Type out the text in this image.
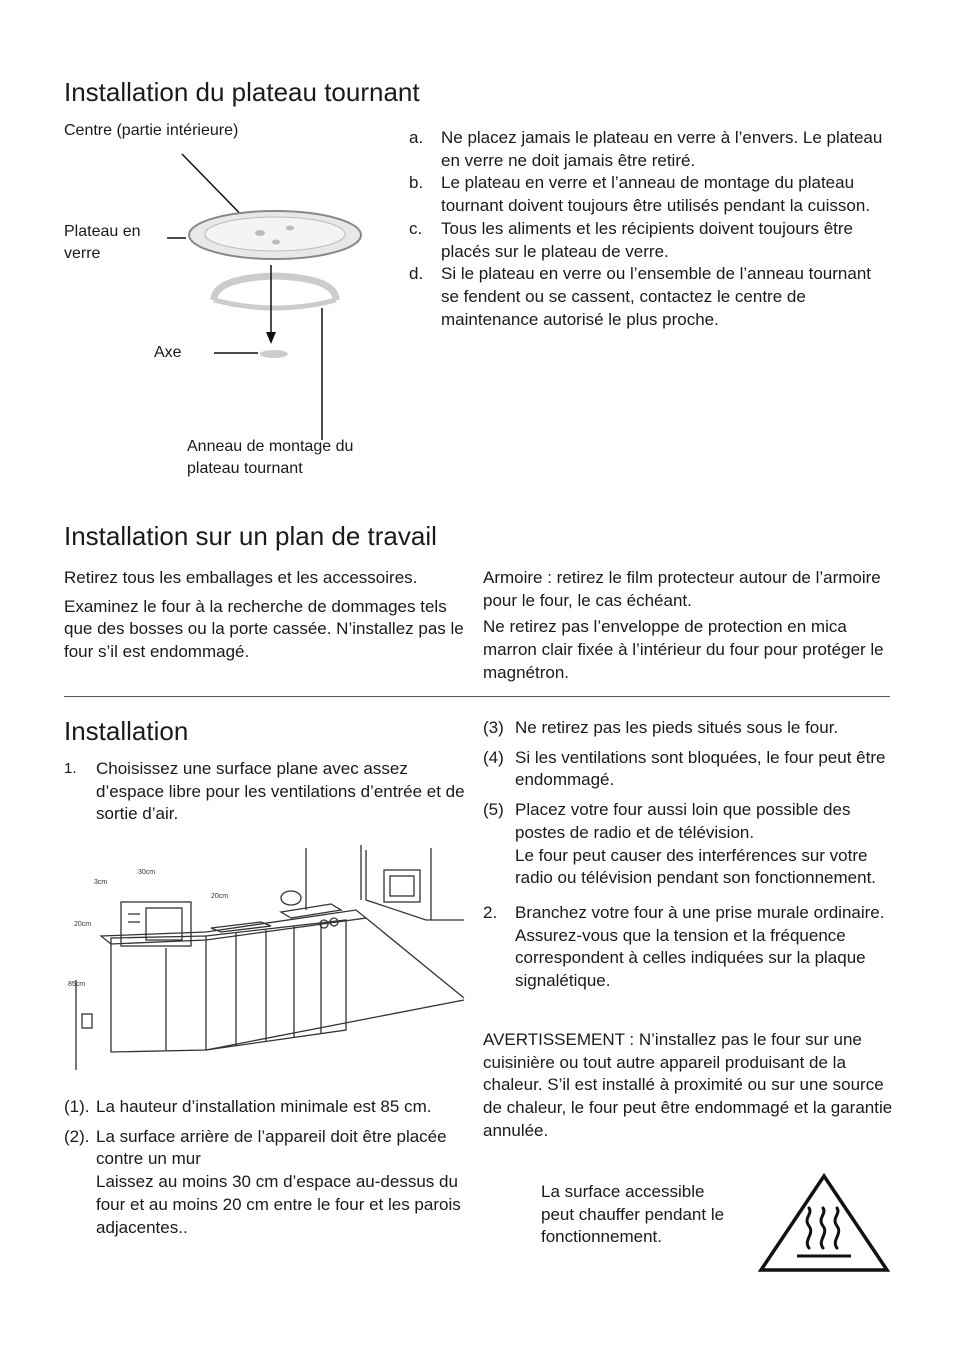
Installation du plateau tournant
Centre (partie intérieure)
Plateau en
verre
Axe
Anneau de montage du
plateau tournant
a. Ne placez jamais le plateau en verre à l’envers. Le plateau en verre ne doit jamais être retiré.
b. Le plateau en verre et l’anneau de montage du plateau tournant doivent toujours être utilisés pendant la cuisson.
c. Tous les aliments et les récipients doivent toujours être placés sur le plateau de verre.
d. Si le plateau en verre ou l’ensemble de l’anneau tournant se fendent ou se cassent, contactez le centre de maintenance autorisé le plus proche.
Installation sur un plan de travail

Retirez tous les emballages et les accessoires.

Examinez le four à la recherche de dommages tels que des bosses ou la porte cassée. N’installez pas le four s’il est endommagé.

Armoire : retirez le film protecteur autour de l’armoire pour le four, le cas échéant.

Ne retirez pas l’enveloppe de protection en mica marron clair fixée à l’intérieur du four pour protéger le magnétron.

Installation
1. Choisissez une surface plane avec assez d’espace libre pour les ventilations d’entrée et de sortie d’air.
3cm
30cm
20cm
20cm
85cm
(1). La hauteur d’installation minimale est 85 cm.
(2). La surface arrière de l’appareil doit être placée contre un mur
Laissez au moins 30 cm d’espace au-dessus du four et au moins 20 cm entre le four et les parois adjacentes..
(3) Ne retirez pas les pieds situés sous le four.
(4) Si les ventilations sont bloquées, le four peut être endommagé.
(5) Placez votre four aussi loin que possible des postes de radio et de télévision.
Le four peut causer des interférences sur votre radio ou télévision pendant son fonctionnement.
2. Branchez votre four à une prise murale ordinaire. Assurez-vous que la tension et la fréquence correspondent à celles indiquées sur la plaque signalétique.
AVERTISSEMENT : N’installez pas le four sur une cuisinière ou tout autre appareil produisant de la chaleur. S’il est installé à proximité ou sur une source de chaleur, le four peut être endommagé et la garantie annulée.
La surface accessible peut chauffer pendant le fonctionnement.
